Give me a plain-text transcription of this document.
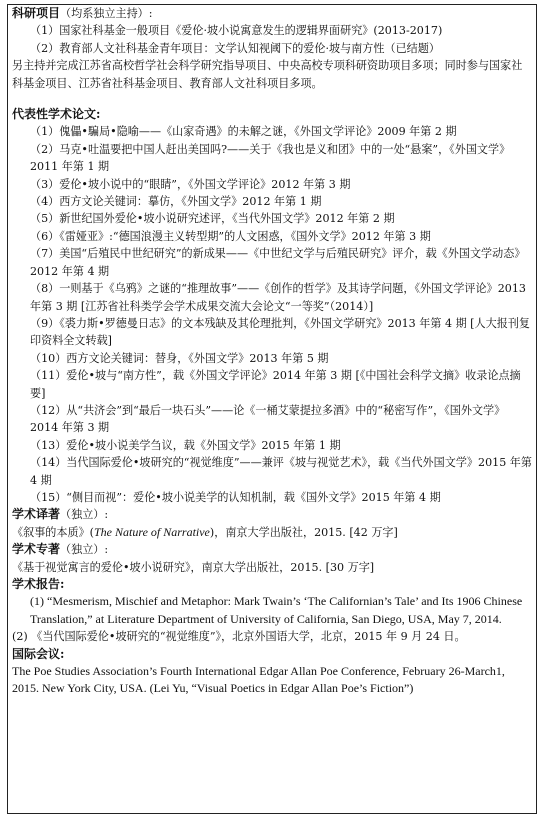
科研项目（均系独立主持）:
（1）国家社科基金一般项目《爱伦·坡小说寓意发生的逻辑界面研究》(2013-2017)
（2）教育部人文社科基金青年项目：文学认知视阈下的爱伦·坡与南方性（已结题）
另主持并完成江苏省高校哲学社会科学研究指导项目、中央高校专项科研资助项目多项；同时参与国家社科基金项目、江苏省社科基金项目、教育部人文社科项目多项。
代表性学术论文:
（1）傀儡•騙局•隐喻——《山家奇遇》的未解之谜，《外国文学评论》2009 年第 2 期
（2）马克•吐温要把中国人赶出美国吗?——关于《我也是义和团》中的一处“悬案”，《外国文学》2011 年第 1 期
（3）爱伦•坡小说中的“眼睛”，《外国文学评论》2012 年第 3 期
（4）西方文论关键词：摹仿，《外国文学》2012 年第 1 期
（5）新世纪国外爱伦•坡小说研究述评，《当代外国文学》2012 年第 2 期
（6）《雷娅亚》:“德国浪漫主义转型期”的人文困惑，《国外文学》2012 年第 3 期
（7）美国“后殖民中世纪研究”的新成果——《中世纪文学与后殖民研究》评介，载《外国文学动态》2012 年第 4 期
（8）一则基于《乌鸦》之谜的“推理故事”——《创作的哲学》及其诗学问题，《外国文学评论》2013 年第 3 期 [江苏省社科类学会学术成果交流大会论文“一等奖”（2014）]
（9）《裘力斯•罗德曼日志》的文本残缺及其伦理批判，《外国文学研究》2013 年第 4 期 [人大报刊复印资料全文转载]
（10）西方文论关键词：替身，《外国文学》2013 年第 5 期
（11）爱伦•坡与“南方性”，载《外国文学评论》2014 年第 3 期 [《中国社会科学文摘》收录论点摘要]
（12）从“共济会”到“最后一块石头”——论《一桶艾蒙提拉多酒》中的“秘密写作”，《国外文学》2014 年第 3 期
（13）爱伦•坡小说美学刍议，载《外国文学》2015 年第 1 期
（14）当代国际爱伦•坡研究的“视觉维度”——兼评《坡与视觉艺术》，载《当代外国文学》2015 年第 4 期
（15）“侧目而视”：爱伦•坡小说美学的认知机制，载《国外文学》2015 年第 4 期
学术译著（独立）:
《叙事的本质》(The Nature of Narrative)，南京大学出版社，2015. [42 万字]
学术专著（独立）:
《基于视觉寓言的爱伦•坡小说研究》，南京大学出版社，2015. [30 万字]
学术报告:
(1) “Mesmerism, Mischief and Metaphor: Mark Twain’s ‘The Californian’s Tale’ and Its 1906 Chinese Translation,” at Literature Department of University of California, San Diego, USA, May 7, 2014.
(2) 《当代国际爱伦•坡研究的“视觉维度”》，北京外国语大学，北京，2015 年 9 月 24 日。
国际会议:
The Poe Studies Association’s Fourth International Edgar Allan Poe Conference, February 26-March1, 2015. New York City, USA. (Lei Yu, “Visual Poetics in Edgar Allan Poe’s Fiction”)
